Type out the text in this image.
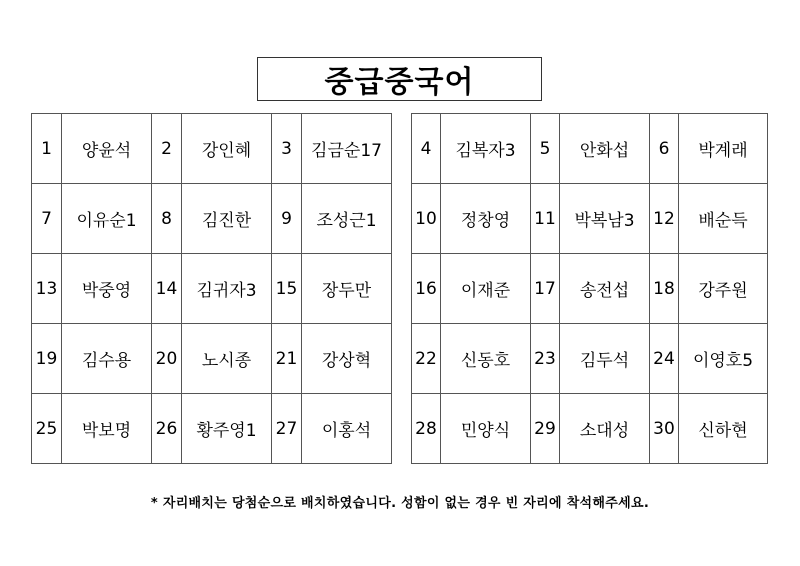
중급중국어
1	양윤석	2	강인혜	3	김금순17
7	이유순1	8	김진한	9	조성근1
13	박중영	14	김귀자3	15	장두만
19	김수용	20	노시종	21	강상혁
25	박보명	26	황주영1	27	이홍석
4	김복자3	5	안화섭	6	박계래
10	정창영	11	박복남3	12	배순득
16	이재준	17	송전섭	18	강주원
22	신동호	23	김두석	24	이영호5
28	민양식	29	소대성	30	신하현
* 자리배치는 당첨순으로 배치하였습니다. 성함이 없는 경우 빈 자리에 착석해주세요.
